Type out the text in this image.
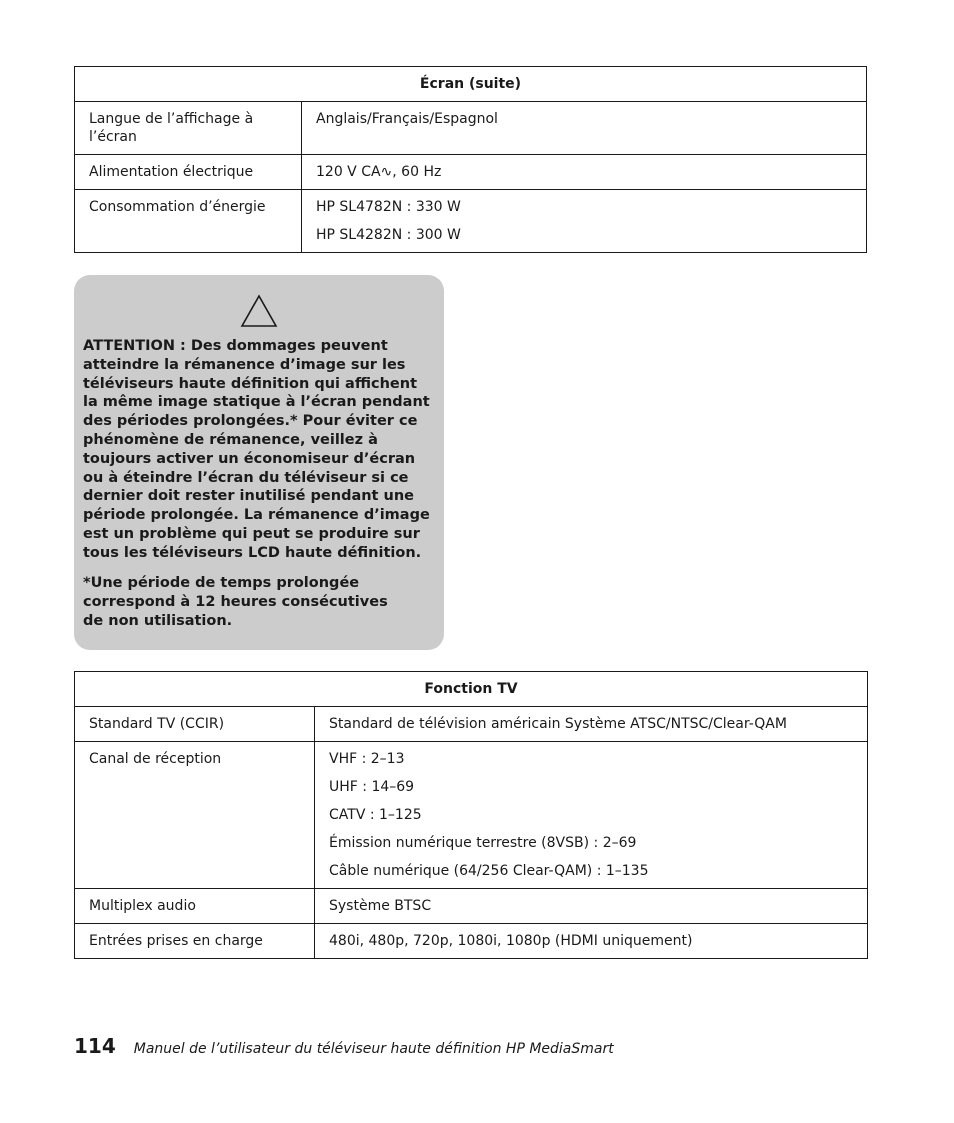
Écran (suite)	
Langue de l’affichage à l’écran	Anglais/Français/Espagnol

Alimentation électrique	120 V CA∿, 60 Hz

Consommation d’énergie	HP SL4782N : 330 W
HP SL4282N : 300 W

ATTENTION : Des dommages peuvent atteindre la rémanence d’image sur les téléviseurs haute définition qui affichent la même image statique à l’écran pendant des périodes prolongées.* Pour éviter ce phénomène de rémanence, veillez à toujours activer un économiseur d’écran ou à éteindre l’écran du téléviseur si ce dernier doit rester inutilisé pendant une période prolongée. La rémanence d’image est un problème qui peut se produire sur tous les téléviseurs LCD haute définition.

*Une période de temps prolongée correspond à 12 heures consécutives de non utilisation.

Fonction TV	
Standard TV (CCIR)	Standard de télévision américain Système ATSC/NTSC/Clear-QAM

Canal de réception	VHF : 2–13
UHF : 14–69
CATV : 1–125
Émission numérique terrestre (8VSB) : 2–69
Câble numérique (64/256 Clear-QAM) : 1–135

Multiplex audio	Système BTSC

Entrées prises en charge	480i, 480p, 720p, 1080i, 1080p (HDMI uniquement)
114 Manuel de l’utilisateur du téléviseur haute définition HP MediaSmart
